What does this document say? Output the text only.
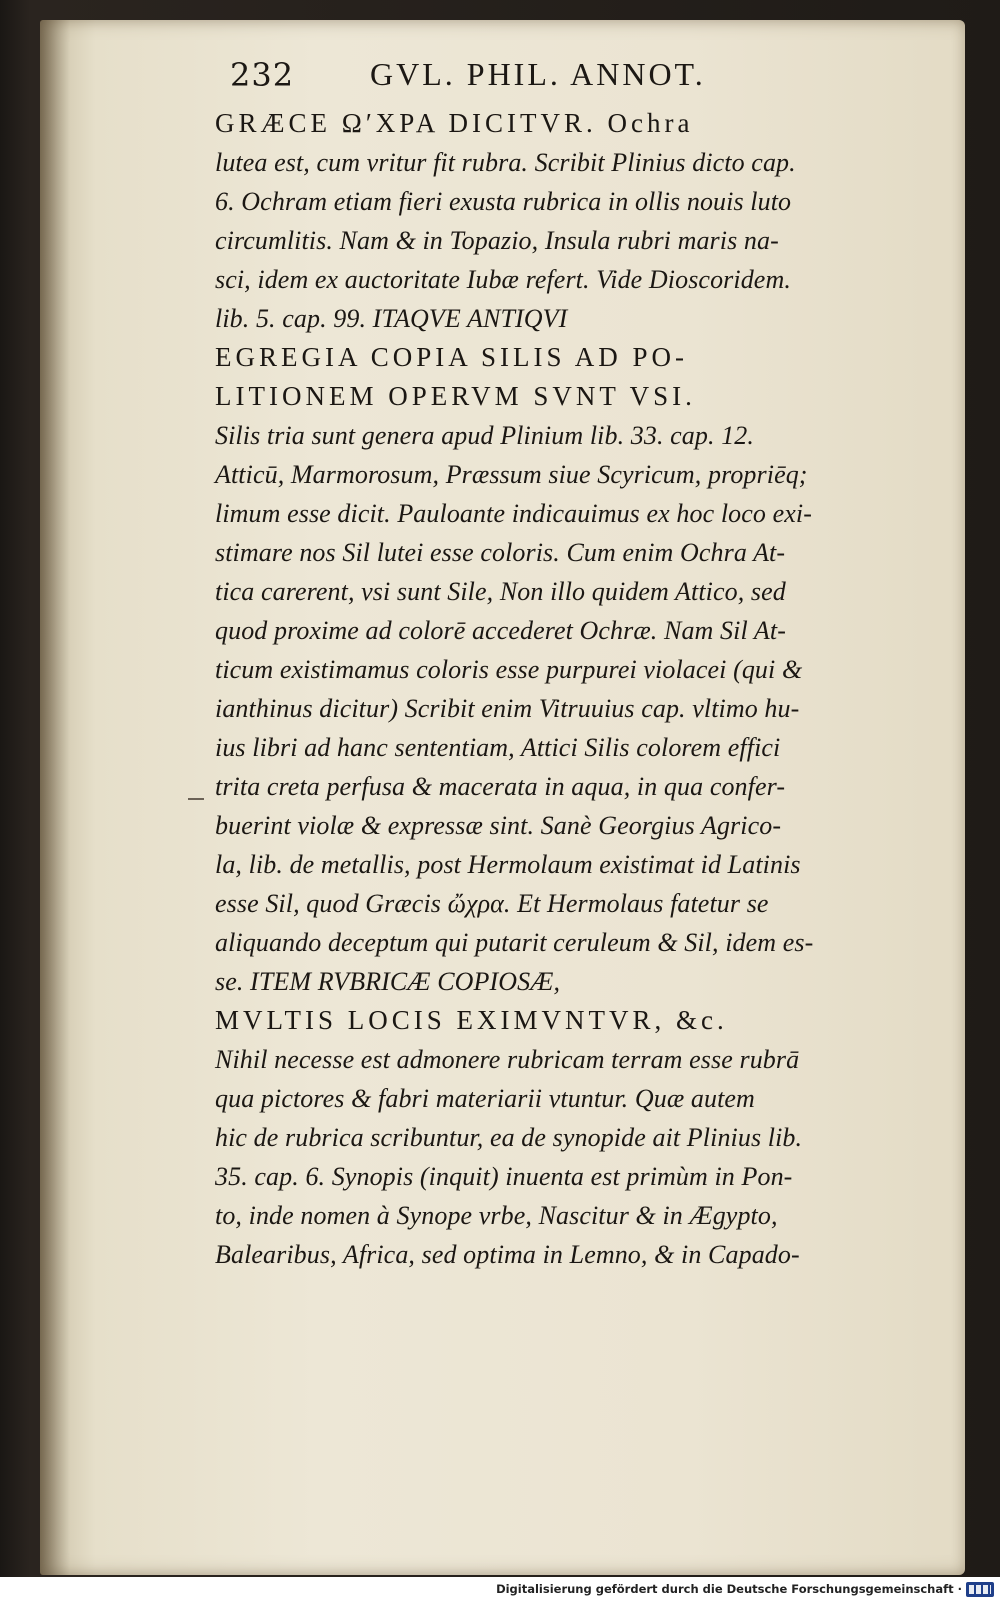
232 GVL. PHIL. ANNOT.
GRÆCE ΩʹΧΡΑ DICITVR. Ochra
lutea est, cum vritur fit rubra. Scribit Plinius dicto cap.
6. Ochram etiam fieri exusta rubrica in ollis nouis luto
circumlitis. Nam & in Topazio, Insula rubri maris na-
sci, idem ex auctoritate Iubæ refert. Vide Dioscoridem.
lib. 5. cap. 99. ITAQVE ANTIQVI
EGREGIA COPIA SILIS AD PO-
LITIONEM OPERVM SVNT VSI.
Silis tria sunt genera apud Plinium lib. 33. cap. 12.
Atticū, Marmorosum, Præssum siue Scyricum, propriēq;
limum esse dicit. Pauloante indicauimus ex hoc loco exi-
stimare nos Sil lutei esse coloris. Cum enim Ochra At-
tica carerent, vsi sunt Sile, Non illo quidem Attico, sed
quod proxime ad colorē accederet Ochræ. Nam Sil At-
ticum existimamus coloris esse purpurei violacei (qui &
ianthinus dicitur) Scribit enim Vitruuius cap. vltimo hu-
ius libri ad hanc sententiam, Attici Silis colorem effici
trita creta perfusa & macerata in aqua, in qua confer-
buerint violæ & expressæ sint. Sanè Georgius Agrico-
la, lib. de metallis, post Hermolaum existimat id Latinis
esse Sil, quod Græcis ὤχρα. Et Hermolaus fatetur se
aliquando deceptum qui putarit ceruleum & Sil, idem es-
se. ITEM RVBRICÆ COPIOSÆ,
MVLTIS LOCIS EXIMVNTVR, &c.
Nihil necesse est admonere rubricam terram esse rubrā
qua pictores & fabri materiarii vtuntur. Quæ autem
hic de rubrica scribuntur, ea de synopide ait Plinius lib.
35. cap. 6. Synopis (inquit) inuenta est primùm in Pon-
to, inde nomen à Synope vrbe, Nascitur & in Ægypto,
Balearibus, Africa, sed optima in Lemno, & in Capado-
Digitalisierung gefördert durch die Deutsche Forschungsgemeinschaft ·
